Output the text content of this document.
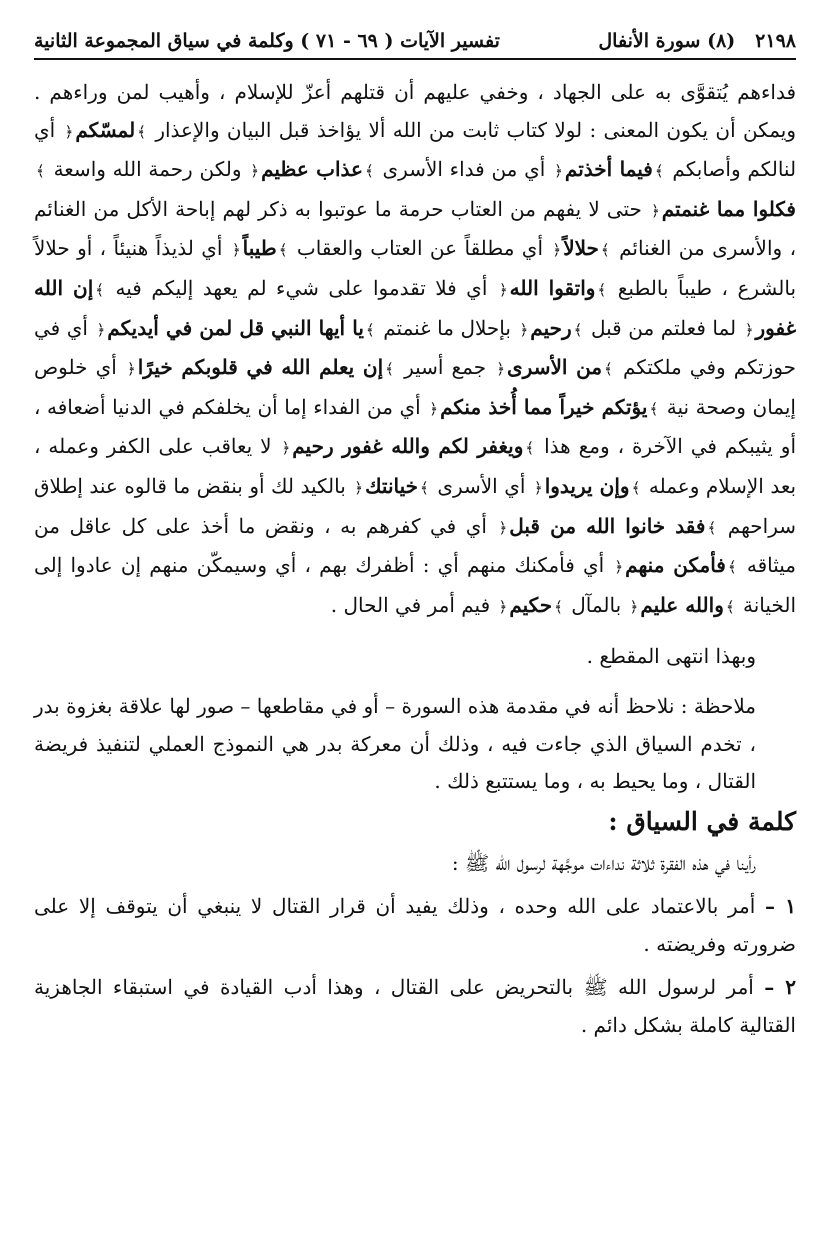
٢١٩٨   (٨) سورة الأنفال
تفسير الآيات ( ٦٩ - ٧١ ) وكلمة في سياق المجموعة الثانية

فداءهم يُتقوَّى به على الجهاد ، وخفي عليهم أن قتلهم أعزّ للإسلام ، وأهيب لمن وراءهم . ويمكن أن يكون المعنى : لولا كتاب ثابت من الله ألا يؤاخذ قبل البيان والإعذار ﴾لمسّكم﴿ أي لنالكم وأصابكم ﴾فيما أخذتم﴿ أي من فداء الأسرى ﴾عذاب عظيم﴿ ولكن رحمة الله واسعة ﴾فكلوا مما غنمتم﴿ حتى لا يفهم من العتاب حرمة ما عوتبوا به ذكر لهم إباحة الأكل من الغنائم ، والأسرى من الغنائم ﴾حلالاً﴿ أي مطلقاً عن العتاب والعقاب ﴾طيباً﴿ أي لذيذاً هنيئاً ، أو حلالاً بالشرع ، طيباً بالطبع ﴾واتقوا الله﴿ أي فلا تقدموا على شيء لم يعهد إليكم فيه ﴾إن الله غفور﴿ لما فعلتم من قبل ﴾رحيم﴿ بإحلال ما غنمتم ﴾يا أيها النبي قل لمن في أيديكم﴿ أي في حوزتكم وفي ملكتكم ﴾من الأسرى﴿ جمع أسير ﴾إن يعلم الله في قلوبكم خيرًا﴿ أي خلوص إيمان وصحة نية ﴾يؤتكم خيراً مما أُخذ منكم﴿ أي من الفداء إما أن يخلفكم في الدنيا أضعافه ، أو يثيبكم في الآخرة ، ومع هذا ﴾ويغفر لكم والله غفور رحيم﴿ لا يعاقب على الكفر وعمله ، بعد الإسلام وعمله ﴾وإن يريدوا﴿ أي الأسرى ﴾خيانتك﴿ بالكيد لك أو بنقض ما قالوه عند إطلاق سراحهم ﴾فقد خانوا الله من قبل﴿ أي في كفرهم به ، ونقض ما أخذ على كل عاقل من ميثاقه ﴾فأمكن منهم﴿ أي فأمكنك منهم أي : أظفرك بهم ، أي وسيمكّن منهم إن عادوا إلى الخيانة ﴾والله عليم﴿ بالمآل ﴾حكيم﴿ فيم أمر في الحال .

وبهذا انتهى المقطع .

ملاحظة : نلاحظ أنه في مقدمة هذه السورة – أو في مقاطعها – صور لها علاقة بغزوة بدر ، تخدم السياق الذي جاءت فيه ، وذلك أن معركة بدر هي النموذج العملي لتنفيذ فريضة القتال ، وما يحيط به ، وما يستتبع ذلك .

كلمة في السياق :

رأينا في هذه الفقرة ثلاثة نداءات موجَّهة لرسول الله ﷺ :

١ – أمر بالاعتماد على الله وحده ، وذلك يفيد أن قرار القتال لا ينبغي أن يتوقف إلا على ضرورته وفريضته .

٢ – أمر لرسول الله ﷺ بالتحريض على القتال ، وهذا أدب القيادة في استبقاء الجاهزية القتالية كاملة بشكل دائم .
